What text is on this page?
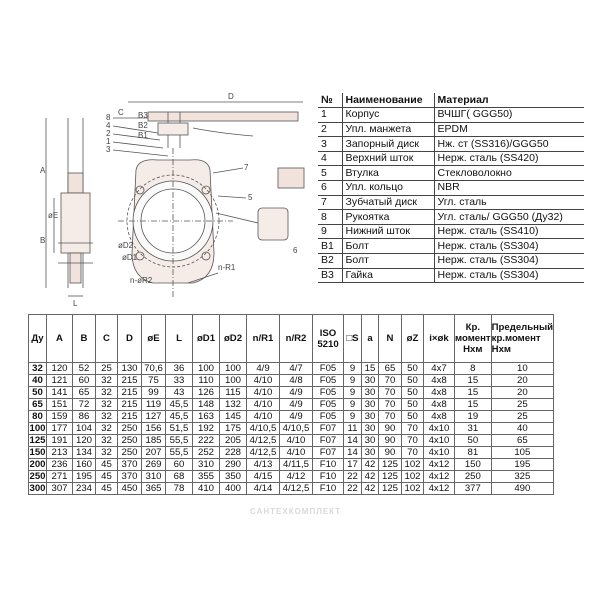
D
C
A
B
øE
øD2
øD1
n-øR2
n-R1
L
8
4
2
1
3
7
5
В3
В2
В1
6
№	Наименование	Материал
1	Корпус	ВЧШГ( GGG50)
2	Упл. манжета	EPDM
3	Запорный диск	Нж. ст (SS316)/GGG50
4	Верхний шток	Нерж. сталь (SS420)
5	Втулка	Стекловолокно
6	Упл. кольцо	NBR
7	Зубчатый диск	Угл. сталь
8	Рукоятка	Угл. сталь/ GGG50 (Ду32)
9	Нижний шток	Нерж. сталь (SS410)
В1	Болт	Нерж. сталь (SS304)
В2	Болт	Нерж. сталь (SS304)
В3	Гайка	Нерж. сталь (SS304)
Ду	A	B	C	D	øE	L	øD1	øD2	n/R1	n/R2	ISO 5210	□S	a	N	øZ	i×øk	Кр. момент Нхм	Предельный кр.момент Нхм
32	120	52	25	130	70,6	36	100	100	4/9	4/7	F05	9	15	65	50	4x7	8	10
40	121	60	32	215	75	33	110	100	4/10	4/8	F05	9	30	70	50	4x8	15	20
50	141	65	32	215	99	43	126	115	4/10	4/9	F05	9	30	70	50	4x8	15	20
65	151	72	32	215	119	45,5	148	132	4/10	4/9	F05	9	30	70	50	4x8	15	25
80	159	86	32	215	127	45,5	163	145	4/10	4/9	F05	9	30	70	50	4x8	19	25
100	177	104	32	250	156	51,5	192	175	4/10,5	4/10,5	F07	11	30	90	70	4x10	31	40
125	191	120	32	250	185	55,5	222	205	4/12,5	4/10	F07	14	30	90	70	4x10	50	65
150	213	134	32	250	207	55,5	252	228	4/12,5	4/10	F07	14	30	90	70	4x10	81	105
200	236	160	45	370	269	60	310	290	4/13	4/11,5	F10	17	42	125	102	4x12	150	195
250	271	195	45	370	310	68	355	350	4/15	4/12	F10	22	42	125	102	4x12	250	325
300	307	234	45	450	365	78	410	400	4/14	4/12,5	F10	22	42	125	102	4x12	377	490
САНТЕХКОМПЛЕКТ
